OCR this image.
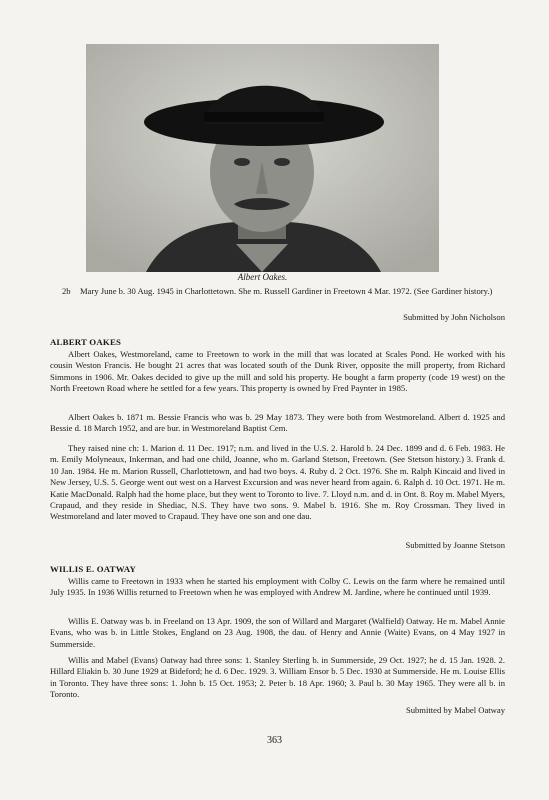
Albert Oakes.
2b Mary June b. 30 Aug. 1945 in Charlottetown. She m. Russell Gardiner in Freetown 4 Mar. 1972. (See Gardiner history.)
Submitted by John Nicholson
ALBERT OAKES
Albert Oakes, Westmoreland, came to Freetown to work in the mill that was located at Scales Pond. He worked with his cousin Weston Francis. He bought 21 acres that was located south of the Dunk River, opposite the mill property, from Richard Simmons in 1906. Mr. Oakes decided to give up the mill and sold his property. He bought a farm property (code 19 west) on the North Freetown Road where he settled for a few years. This property is owned by Fred Paynter in 1985.
Albert Oakes b. 1871 m. Bessie Francis who was b. 29 May 1873. They were both from Westmoreland. Albert d. 1925 and Bessie d. 18 March 1952, and are bur. in Westmoreland Baptist Cem.
They raised nine ch: 1. Marion d. 11 Dec. 1917; n.m. and lived in the U.S. 2. Harold b. 24 Dec. 1899 and d. 6 Feb. 1983. He m. Emily Molyneaux, Inkerman, and had one child, Joanne, who m. Garland Stetson, Freetown. (See Stetson history.) 3. Frank d. 10 Jan. 1984. He m. Marion Russell, Charlottetown, and had two boys. 4. Ruby d. 2 Oct. 1976. She m. Ralph Kincaid and lived in New Jersey, U.S. 5. George went out west on a Harvest Excursion and was never heard from again. 6. Ralph d. 10 Oct. 1971. He m. Katie MacDonald. Ralph had the home place, but they went to Toronto to live. 7. Lloyd n.m. and d. in Ont. 8. Roy m. Mabel Myers, Crapaud, and they reside in Shediac, N.S. They have two sons. 9. Mabel b. 1916. She m. Roy Crossman. They lived in Westmoreland and later moved to Crapaud. They have one son and one dau.
Submitted by Joanne Stetson
WILLIS E. OATWAY
Willis came to Freetown in 1933 when he started his employment with Colby C. Lewis on the farm where he remained until July 1935. In 1936 Willis returned to Freetown when he was employed with Andrew M. Jardine, where he continued until 1939.
Willis E. Oatway was b. in Freeland on 13 Apr. 1909, the son of Willard and Margaret (Walfield) Oatway. He m. Mabel Annie Evans, who was b. in Little Stokes, England on 23 Aug. 1908, the dau. of Henry and Annie (Waite) Evans, on 4 May 1927 in Summerside.
Willis and Mabel (Evans) Oatway had three sons: 1. Stanley Sterling b. in Summerside, 29 Oct. 1927; he d. 15 Jan. 1928. 2. Hillard Eliakin b. 30 June 1929 at Bideford; he d. 6 Dec. 1929. 3. William Ensor b. 5 Dec. 1930 at Summerside. He m. Louise Ellis in Toronto. They have three sons: 1. John b. 15 Oct. 1953; 2. Peter b. 18 Apr. 1960; 3. Paul b. 30 May 1965. They were all b. in Toronto.
Submitted by Mabel Oatway
363
